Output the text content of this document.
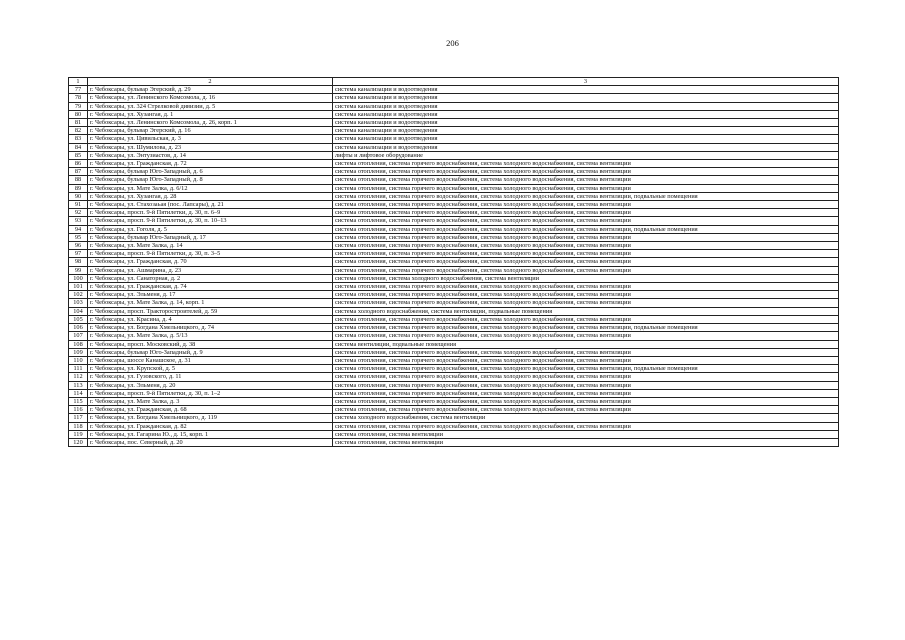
206
1	2	3
77	г. Чебоксары, бульвар Эгерский, д. 29	система канализации и водоотведения
78	г. Чебоксары, ул. Ленинского Комсомола, д. 16	система канализации и водоотведения
79	г. Чебоксары, ул. 324 Стрелковой дивизии, д. 5	система канализации и водоотведения
80	г. Чебоксары, ул. Хузангая, д. 1	система канализации и водоотведения
81	г. Чебоксары, ул. Ленинского Комсомола, д. 26, корп. 1	система канализации и водоотведения
82	г. Чебоксары, бульвар Эгерский, д. 16	система канализации и водоотведения
83	г. Чебоксары, ул. Цивильская, д. 3	система канализации и водоотведения
84	г. Чебоксары, ул. Шумилова, д. 23	система канализации и водоотведения
85	г. Чебоксары, ул. Энтузиастов, д. 14	лифты и лифтовое оборудование
86	г. Чебоксары, ул. Гражданская, д. 72	система отопления, система горячего водоснабжения, система холодного водоснабжения, система вентиляции
87	г. Чебоксары, бульвар Юго-Западный, д. 6	система отопления, система горячего водоснабжения, система холодного водоснабжения, система вентиляции
88	г. Чебоксары, бульвар Юго-Западный, д. 8	система отопления, система горячего водоснабжения, система холодного водоснабжения, система вентиляции
89	г. Чебоксары, ул. Мате Залка, д. 6/12	система отопления, система горячего водоснабжения, система холодного водоснабжения, система вентиляции
90	г. Чебоксары, ул. Хузангая, д. 28	система отопления, система горячего водоснабжения, система холодного водоснабжения, система вентиляции, подвальные помещения
91	г. Чебоксары, ул. Стахозаьая (пос. Лапсары), д. 21	система отопления, система горячего водоснабжения, система холодного водоснабжения, система вентиляции
92	г. Чебоксары, просп. 9-й Пятилетки, д. 30, п. 6–9	система отопления, система горячего водоснабжения, система холодного водоснабжения, система вентиляции
93	г. Чебоксары, просп. 9-й Пятилетки, д. 30, п. 10–13	система отопления, система горячего водоснабжения, система холодного водоснабжения, система вентиляции
94	г. Чебоксары, ул. Гоголя, д. 5	система отопления, система горячего водоснабжения, система холодного водоснабжения, система вентиляции, подвальные помещения
95	г. Чебоксары, бульвар Юго-Западный, д. 17	система отопления, система горячего водоснабжения, система холодного водоснабжения, система вентиляции
96	г. Чебоксары, ул. Мате Залка, д. 14	система отопления, система горячего водоснабжения, система холодного водоснабжения, система вентиляции
97	г. Чебоксары, просп. 9-й Пятилетки, д. 30, п. 3–5	система отопления, система горячего водоснабжения, система холодного водоснабжения, система вентиляции
98	г. Чебоксары, ул. Гражданская, д. 70	система отопления, система горячего водоснабжения, система холодного водоснабжения, система вентиляции
99	г. Чебоксары, ул. Ашмарина, д. 23	система отопления, система горячего водоснабжения, система холодного водоснабжения, система вентиляции
100	г. Чебоксары, ул. Санаторная, д. 2	система отопления, система холодного водоснабжения, система вентиляции
101	г. Чебоксары, ул. Гражданская, д. 74	система отопления, система горячего водоснабжения, система холодного водоснабжения, система вентиляции
102	г. Чебоксары, ул. Эльменя, д. 17	система отопления, система горячего водоснабжения, система холодного водоснабжения, система вентиляции
103	г. Чебоксары, ул. Мате Залка, д. 14, корп. 1	система отопления, система горячего водоснабжения, система холодного водоснабжения, система вентиляции
104	г. Чебоксары, просп. Тракторостроителей, д. 59	система холодного водоснабжения, система вентиляции, подвальные помещения
105	г. Чебоксары, ул. Красина, д. 4	система отопления, система горячего водоснабжения, система холодного водоснабжения, система вентиляции
106	г. Чебоксары, ул. Богдана Хмельницкого, д. 74	система отопления, система горячего водоснабжения, система холодного водоснабжения, система вентиляции, подвальные помещения
107	г. Чебоксары, ул. Мате Залка, д. 5/13	система отопления, система горячего водоснабжения, система холодного водоснабжения, система вентиляции
108	г. Чебоксары, просп. Московский, д. 38	система вентиляции, подвальные помещения
109	г. Чебоксары, бульвар Юго-Западный, д. 9	система отопления, система горячего водоснабжения, система холодного водоснабжения, система вентиляции
110	г. Чебоксары, шоссе Канашское, д. 31	система отопления, система горячего водоснабжения, система холодного водоснабжения, система вентиляции
111	г. Чебоксары, ул. Крупской, д. 5	система отопления, система горячего водоснабжения, система холодного водоснабжения, система вентиляции, подвальные помещения
112	г. Чебоксары, ул. Гузовского, д. 11	система отопления, система горячего водоснабжения, система холодного водоснабжения, система вентиляции
113	г. Чебоксары, ул. Эльменя, д. 20	система отопления, система горячего водоснабжения, система холодного водоснабжения, система вентиляции
114	г. Чебоксары, просп. 9-й Пятилетки, д. 30, п. 1–2	система отопления, система горячего водоснабжения, система холодного водоснабжения, система вентиляции
115	г. Чебоксары, ул. Мате Залка, д. 3	система отопления, система горячего водоснабжения, система холодного водоснабжения, система вентиляции
116	г. Чебоксары, ул. Гражданская, д. 68	система отопления, система горячего водоснабжения, система холодного водоснабжения, система вентиляции
117	г. Чебоксары, ул. Богдана Хмельницкого, д. 119	система холодного водоснабжения, система вентиляции
118	г. Чебоксары, ул. Гражданская, д. 82	система отопления, система горячего водоснабжения, система холодного водоснабжения, система вентиляции
119	г. Чебоксары, ул. Гагарина Ю., д. 15, корп. 1	система отопления, система вентиляции
120	г. Чебоксары, пос. Северный, д. 20	система отопления, система вентиляции
